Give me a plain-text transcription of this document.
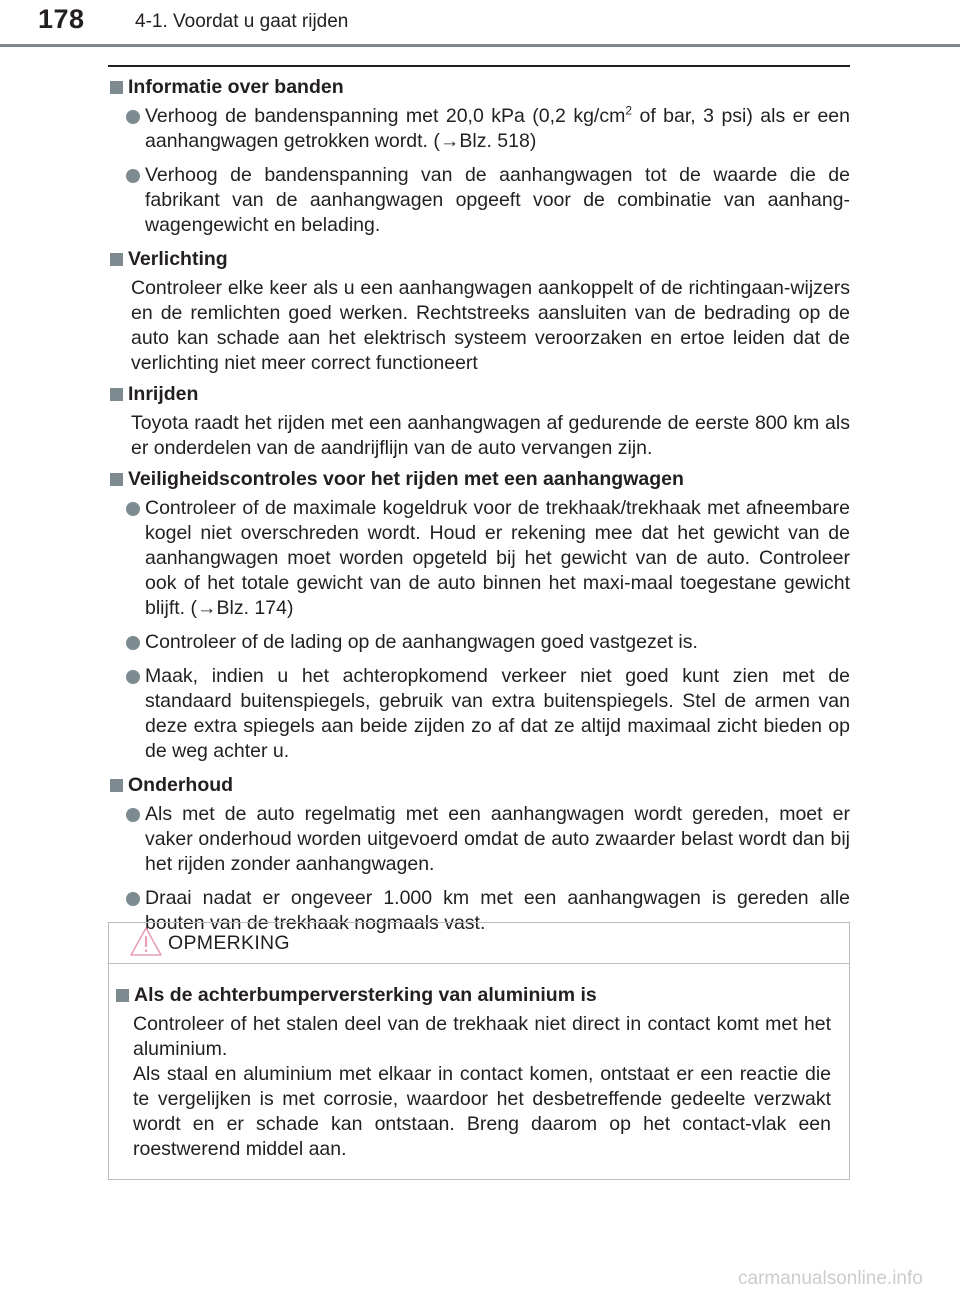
178	4-1. Voordat u gaat rijden
Informatie over banden
Verhoog de bandenspanning met 20,0 kPa (0,2 $kg/cm^2$ of bar, 3 psi) als er een aanhangwagen getrokken wordt. (→Blz. 518)
Verhoog de bandenspanning van de aanhangwagen tot de waarde die de fabrikant van de aanhangwagen opgeeft voor de combinatie van aanhang-wagengewicht en belading.
Verlichting
Controleer elke keer als u een aanhangwagen aankoppelt of de richtingaan-wijzers en de remlichten goed werken. Rechtstreeks aansluiten van de bedrading op de auto kan schade aan het elektrisch systeem veroorzaken en ertoe leiden dat de verlichting niet meer correct functioneert
Inrijden
Toyota raadt het rijden met een aanhangwagen af gedurende de eerste 800 km als er onderdelen van de aandrijflijn van de auto vervangen zijn.
Veiligheidscontroles voor het rijden met een aanhangwagen
Controleer of de maximale kogeldruk voor de trekhaak/trekhaak met afneembare kogel niet overschreden wordt. Houd er rekening mee dat het gewicht van de aanhangwagen moet worden opgeteld bij het gewicht van de auto. Controleer ook of het totale gewicht van de auto binnen het maxi-maal toegestane gewicht blijft. (→Blz. 174)
Controleer of de lading op de aanhangwagen goed vastgezet is.
Maak, indien u het achteropkomend verkeer niet goed kunt zien met de standaard buitenspiegels, gebruik van extra buitenspiegels. Stel de armen van deze extra spiegels aan beide zijden zo af dat ze altijd maximaal zicht bieden op de weg achter u.
Onderhoud
Als met de auto regelmatig met een aanhangwagen wordt gereden, moet er vaker onderhoud worden uitgevoerd omdat de auto zwaarder belast wordt dan bij het rijden zonder aanhangwagen.
Draai nadat er ongeveer 1.000 km met een aanhangwagen is gereden alle bouten van de trekhaak nogmaals vast.
OPMERKING
Als de achterbumperversterking van aluminium is
Controleer of het stalen deel van de trekhaak niet direct in contact komt met het aluminium.
Als staal en aluminium met elkaar in contact komen, ontstaat er een reactie die te vergelijken is met corrosie, waardoor het desbetreffende gedeelte verzwakt wordt en er schade kan ontstaan. Breng daarom op het contact-vlak een roestwerend middel aan.
carmanualsonline.info
